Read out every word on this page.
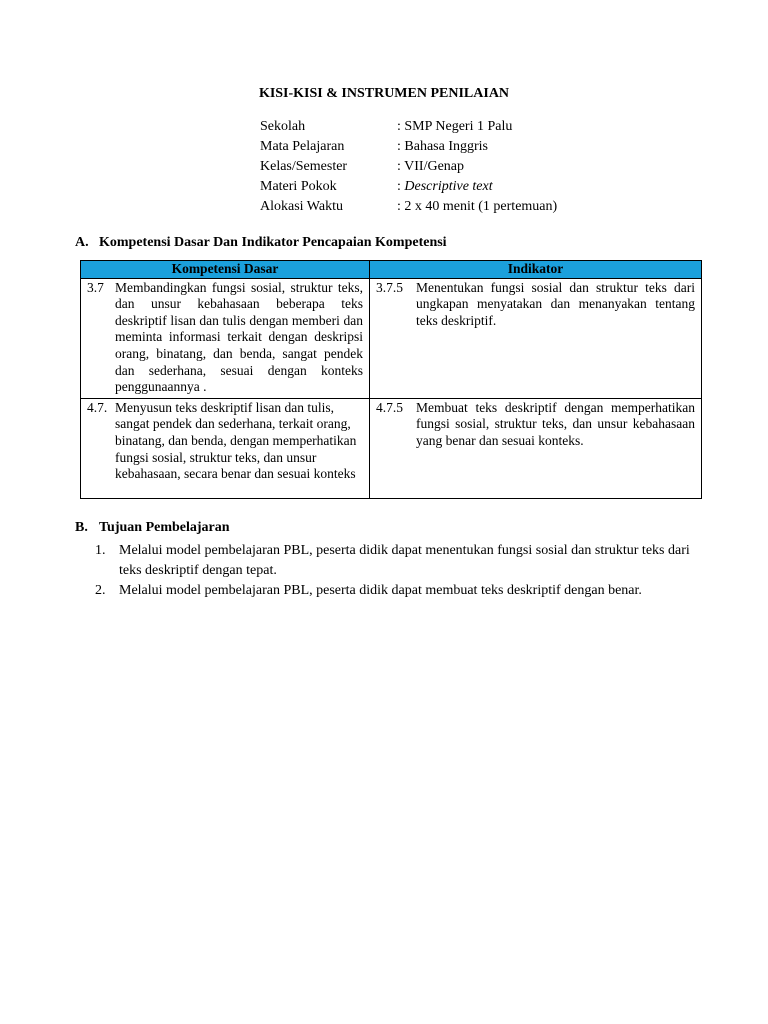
KISI-KISI & INSTRUMEN PENILAIAN
Sekolah	: SMP Negeri 1 Palu
Mata Pelajaran	: Bahasa Inggris
Kelas/Semester	: VII/Genap
Materi Pokok	: Descriptive text
Alokasi Waktu	: 2 x 40 menit (1 pertemuan)
A. Kompetensi Dasar Dan Indikator Pencapaian Kompetensi
Kompetensi Dasar	Indikator

3.7 Membandingkan fungsi sosial, struktur teks, dan unsur kebahasaan beberapa teks deskriptif lisan dan tulis dengan memberi dan meminta informasi terkait dengan deskripsi orang, binatang, dan benda, sangat pendek dan sederhana, sesuai dengan konteks penggunaannya .	3.7.5 Menentukan fungsi sosial dan struktur teks dari ungkapan menyatakan dan menanyakan tentang teks deskriptif.

4.7. Menyusun teks deskriptif lisan dan tulis, sangat pendek dan sederhana, terkait orang, binatang, dan benda, dengan memperhatikan fungsi sosial, struktur teks, dan unsur kebahasaan, secara benar dan sesuai konteks	4.7.5 Membuat teks deskriptif dengan memperhatikan fungsi sosial, struktur teks, dan unsur kebahasaan yang benar dan sesuai konteks.
B. Tujuan Pembelajaran
1. Melalui model pembelajaran PBL, peserta didik dapat menentukan fungsi sosial dan struktur teks dari teks deskriptif dengan tepat.
2. Melalui model pembelajaran PBL, peserta didik dapat membuat teks deskriptif dengan benar.
